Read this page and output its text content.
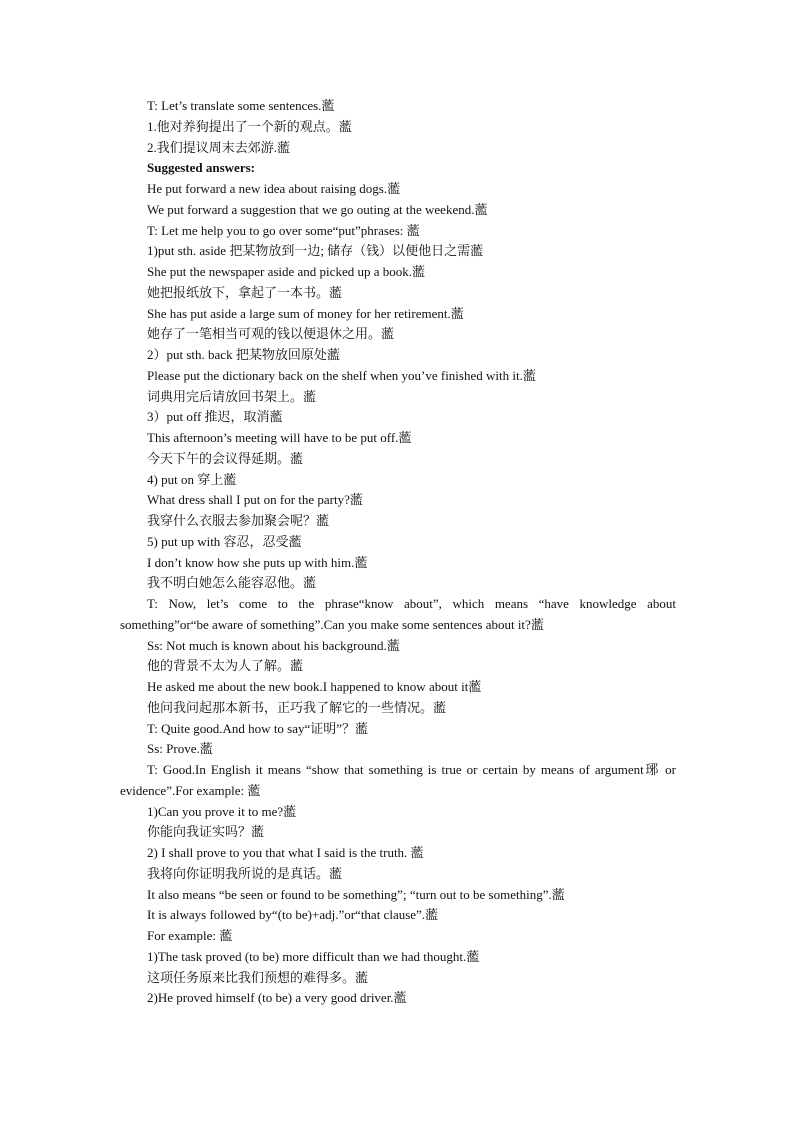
T: Let’s translate some sentences.蘫
1.他对养狗提出了一个新的观点。蘫
2.我们提议周末去郊游.蘫
Suggested answers:
He put forward a new idea about raising dogs.蘫
We put forward a suggestion that we go outing at the weekend.蘫
T: Let me help you to go over some“put”phrases: 蘫
1)put sth. aside 把某物放到一边; 储存（钱）以便他日之需蘫
She put the newspaper aside and picked up a book.蘫
她把报纸放下，拿起了一本书。蘫
She has put aside a large sum of money for her retirement.蘫
她存了一笔相当可观的钱以便退休之用。蘫
2）put sth. back 把某物放回原处蘫
Please put the dictionary back on the shelf when you’ve finished with it.蘫
词典用完后请放回书架上。蘫
3）put off 推迟，取消蘫
This afternoon’s meeting will have to be put off.蘫
今天下午的会议得延期。蘫
4) put on 穿上蘫
What dress shall I put on for the party?蘫
我穿什么衣服去参加聚会呢？蘫
5) put up with 容忍，忍受蘫
I don’t know how she puts up with him.蘫
我不明白她怎么能容忍他。蘫
T: Now, let’s come to the phrase“know about”, which means “have knowledge about something”or“be aware of something”.Can you make some sentences about it?蘫
Ss: Not much is known about his background.蘫
他的背景不太为人了解。蘫
He asked me about the new book.I happened to know about it蘫
他问我问起那本新书，正巧我了解它的一些情况。蘫
T: Quite good.And how to say“证明”？蘫
Ss: Prove.蘫
T: Good.In English it means “show that something is true or certain by means of argument琊 or evidence”.For example: 蘫
1)Can you prove it to me?蘫
你能向我证实吗？蘫
2) I shall prove to you that what I said is the truth. 蘫
我将向你证明我所说的是真话。蘫
It also means “be seen or found to be something”; “turn out to be something”.蘫
It is always followed by“(to be)+adj.”or“that clause”.蘫
For example: 蘫
1)The task proved (to be) more difficult than we had thought.蘫
这项任务原来比我们预想的难得多。蘫
2)He proved himself (to be) a very good driver.蘫
